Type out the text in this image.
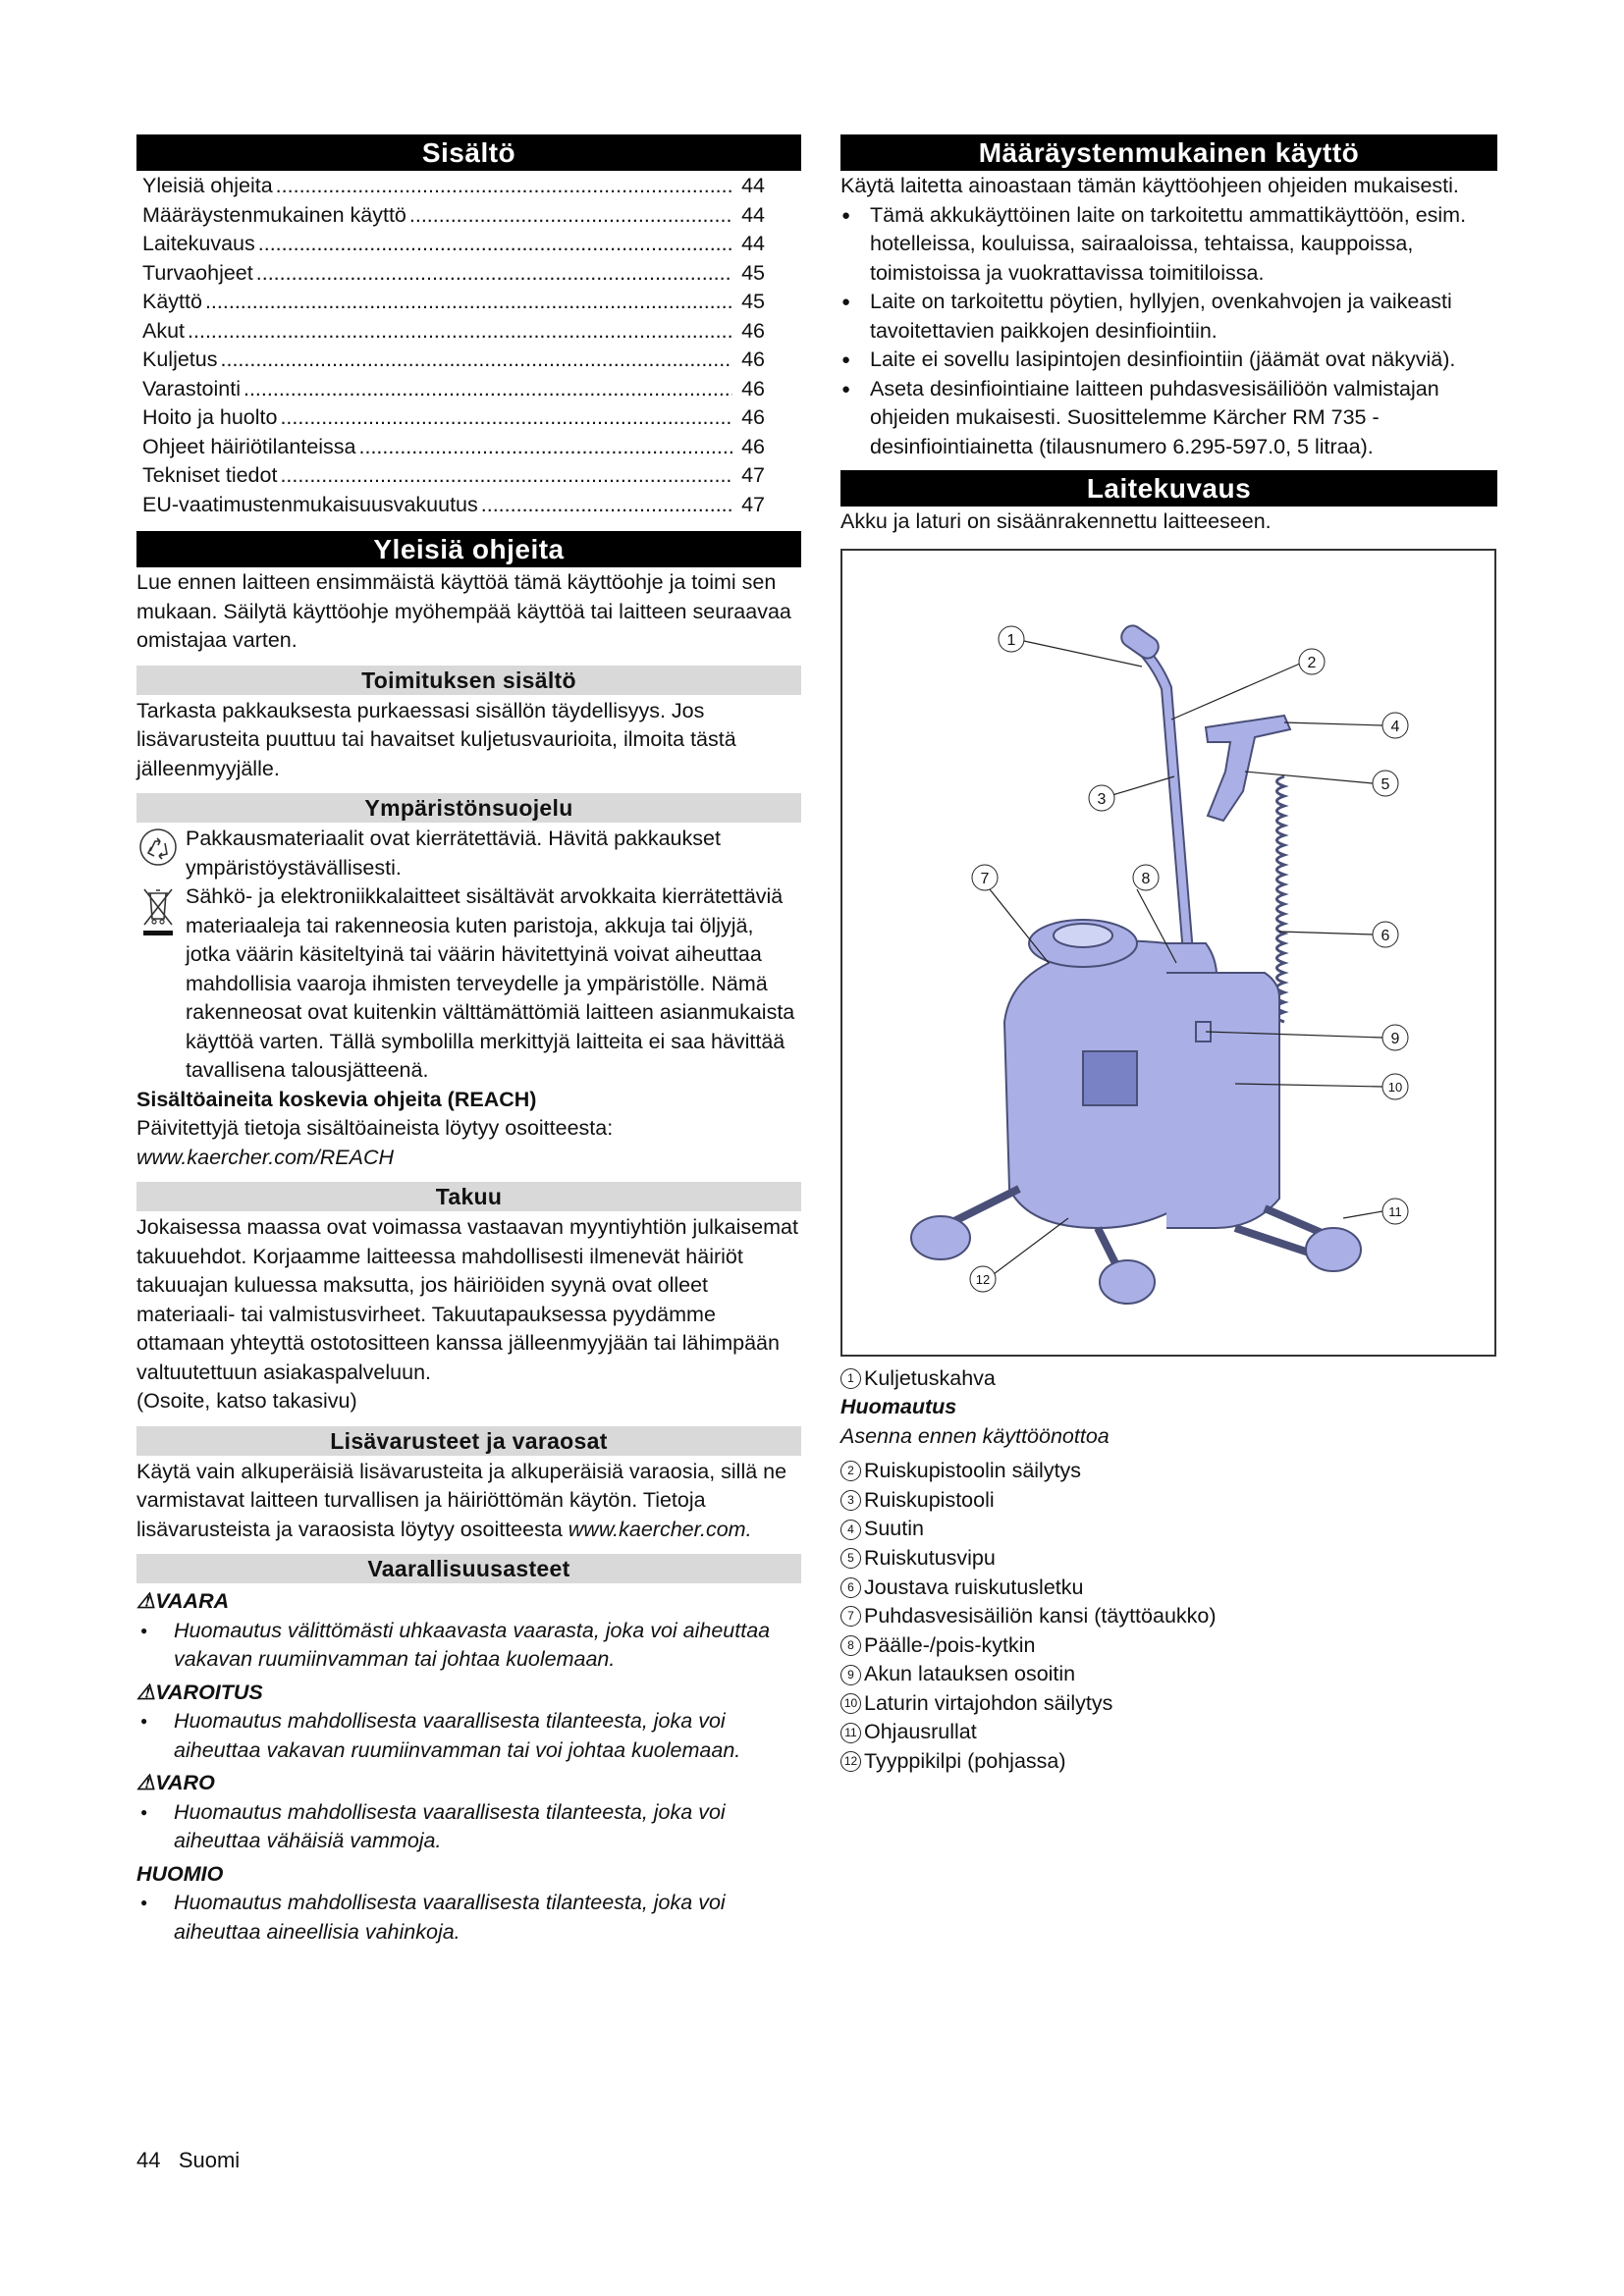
Sisältö
Yleisiä ohjeita .....	44
Määräystenmukainen käyttö .....	44
Laitekuvaus .....	44
Turvaohjeet .....	45
Käyttö .....	45
Akut .....	46
Kuljetus .....	46
Varastointi .....	46
Hoito ja huolto .....	46
Ohjeet häiriötilanteissa .....	46
Tekniset tiedot .....	47
EU-vaatimustenmukaisuusvakuutus .....	47
Yleisiä ohjeita

Lue ennen laitteen ensimmäistä käyttöä tämä käyttöohje ja toimi sen mukaan. Säilytä käyttöohje myöhempää käyttöä tai laitteen seuraavaa omistajaa varten.

Toimituksen sisältö

Tarkasta pakkauksesta purkaessasi sisällön täydellisyys. Jos lisävarusteita puuttuu tai havaitset kuljetusvaurioita, ilmoita tästä jälleenmyyjälle.

Ympäristönsuojelu

Pakkausmateriaalit ovat kierrätettäviä. Hävitä pakkaukset ympäristöystävällisesti.

Sähkö- ja elektroniikkalaitteet sisältävät arvokkaita kierrätettäviä materiaaleja tai rakenneosia kuten paristoja, akkuja tai öljyjä, jotka väärin käsiteltyinä tai väärin hävitettyinä voivat aiheuttaa mahdollisia vaaroja ihmisten terveydelle ja ympäristölle. Nämä rakenneosat ovat kuitenkin välttämättömiä laitteen asianmukaista käyttöä varten. Tällä symbolilla merkittyjä laitteita ei saa hävittää tavallisena talousjätteenä.

Sisältöaineita koskevia ohjeita (REACH)

Päivitettyjä tietoja sisältöaineista löytyy osoitteesta: www.kaercher.com/REACH

Takuu

Jokaisessa maassa ovat voimassa vastaavan myyntiyhtiön julkaisemat takuuehdot. Korjaamme laitteessa mahdollisesti ilmenevät häiriöt takuuajan kuluessa maksutta, jos häiriöiden syynä ovat olleet materiaali- tai valmistusvirheet. Takuutapauksessa pyydämme ottamaan yhteyttä ostotositteen kanssa jälleenmyyjään tai lähimpään valtuutettuun asiakaspalveluun.

(Osoite, katso takasivu)

Lisävarusteet ja varaosat

Käytä vain alkuperäisiä lisävarusteita ja alkuperäisiä varaosia, sillä ne varmistavat laitteen turvallisen ja häiriöttömän käytön. Tietoja lisävarusteista ja varaosista löytyy osoitteesta www.kaercher.com.

Vaarallisuusasteet

⚠VAARA

● Huomautus välittömästi uhkaavasta vaarasta, joka voi aiheuttaa vakavan ruumiinvamman tai johtaa kuolemaan.

⚠VAROITUS

● Huomautus mahdollisesta vaarallisesta tilanteesta, joka voi aiheuttaa vakavan ruumiinvamman tai voi johtaa kuolemaan.

⚠VARO

● Huomautus mahdollisesta vaarallisesta tilanteesta, joka voi aiheuttaa vähäisiä vammoja.

HUOMIO

● Huomautus mahdollisesta vaarallisesta tilanteesta, joka voi aiheuttaa aineellisia vahinkoja.

Määräystenmukainen käyttö

Käytä laitetta ainoastaan tämän käyttöohjeen ohjeiden mukaisesti.

● Tämä akkukäyttöinen laite on tarkoitettu ammattikäyttöön, esim. hotelleissa, kouluissa, sairaaloissa, tehtaissa, kauppoissa, toimistoissa ja vuokrattavissa toimitiloissa.

● Laite on tarkoitettu pöytien, hyllyjen, ovenkahvojen ja vaikeasti tavoitettavien paikkojen desinfiointiin.

● Laite ei sovellu lasipintojen desinfiointiin (jäämät ovat näkyviä).

● Aseta desinfiointiaine laitteen puhdasvesisäiliöön valmistajan ohjeiden mukaisesti. Suosittelemme Kärcher RM 735 -desinfiointiainetta (tilausnumero 6.295-597.0, 5 litraa).

Laitekuvaus

Akku ja laturi on sisäänrakennettu laitteeseen.

1
2
3
4
5
6
7	8
9
10
11
12
1 Kuljetuskahva

Huomautus

Asenna ennen käyttöönottoa

2 Ruiskupistoolin säilytys
3 Ruiskupistooli
4 Suutin
5 Ruiskutusvipu
6 Joustava ruiskutusletku
7 Puhdasvesisäiliön kansi (täyttöaukko)
8 Päälle-/pois-kytkin
9 Akun latauksen osoitin
10 Laturin virtajohdon säilytys
11 Ohjausrullat
12 Tyyppikilpi (pohjassa)
44 Suomi
